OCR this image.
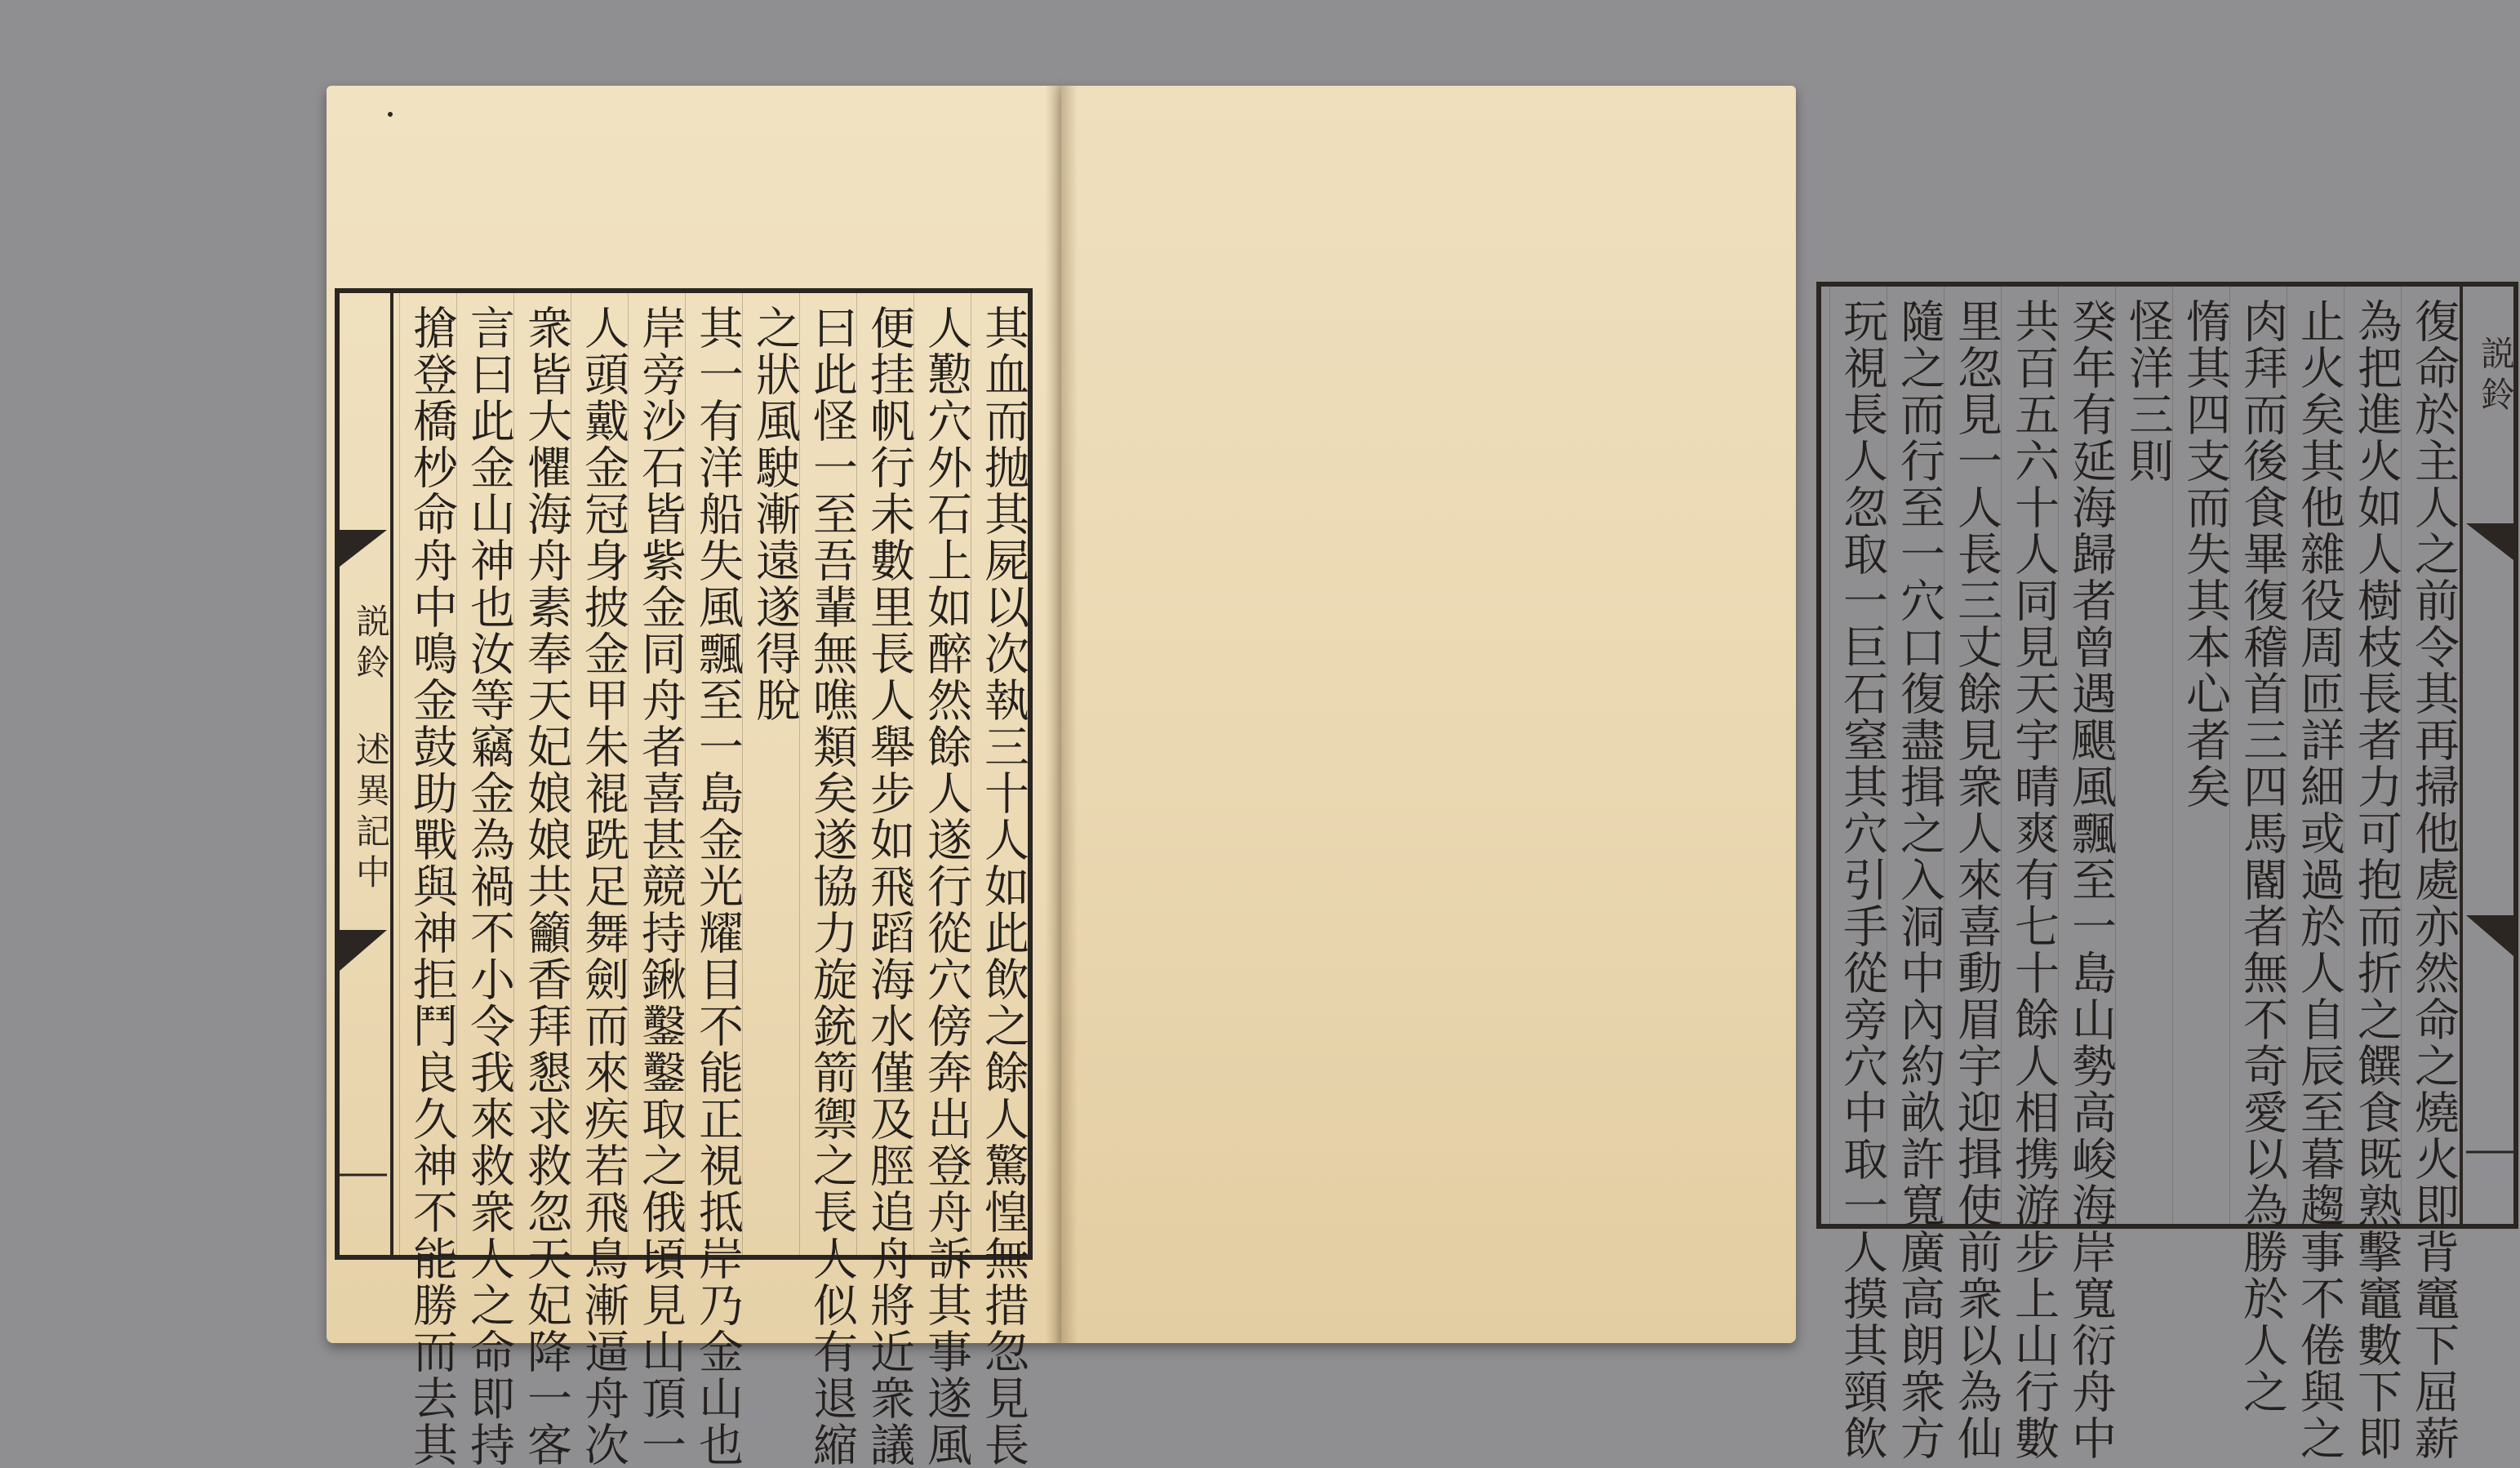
説鈴 述異記中	其血而抛其屍以次執三十人如此飲之餘人驚惶無措忽見長
人懃穴外石上如醉然餘人遂行從穴傍奔出登舟訴其事遂風
便挂帆行未數里長人舉步如飛蹈海水僅及脛追舟將近衆議
曰此怪一至吾輩無噍類矣遂協力旋銃箭禦之長人似有退縮
之狀風駛漸遠遂得脫
其一有洋船失風飄至一島金光耀目不能正視抵岸乃金山也
岸旁沙石皆紫金同舟者喜甚競持鍬鑿鑿取之俄頃見山頂一
人頭戴金冠身披金甲朱裩跣足舞劍而來疾若飛鳥漸逼舟次
衆皆大懼海舟素奉天妃娘娘共籲香拜懇求救忽天妃降一客
言曰此金山神也汝等竊金為禍不小令我來救衆人之命即持
搶登橋杪命舟中鳴金鼓助戰與神拒鬥良久神不能勝而去其	説鈴
復命於主人之前令其再掃他處亦然命之燒火即背竈下屈薪
為把進火如人樹枝長者力可抱而折之饌食既熟擊竈數下即
止火矣其他雜役周匝詳細或過於人自辰至暮趨事不倦與之
肉拜而後食畢復稽首三四馬閽者無不奇愛以為勝於人之
惰其四支而失其本心者矣
怪洋三則
癸年有延海歸者曾遇颶風飄至一島山勢高峻海岸寬衍舟中
共百五六十人同見天宇晴爽有七十餘人相携游步上山行數
里忽見一人長三丈餘見衆人來喜動眉宇迎揖使前衆以為仙
隨之而行至一穴口復盡揖之入洞中內約畝許寬廣高朗衆方
玩視長人忽取一巨石窒其穴引手從旁穴中取一人摸其頸飲
